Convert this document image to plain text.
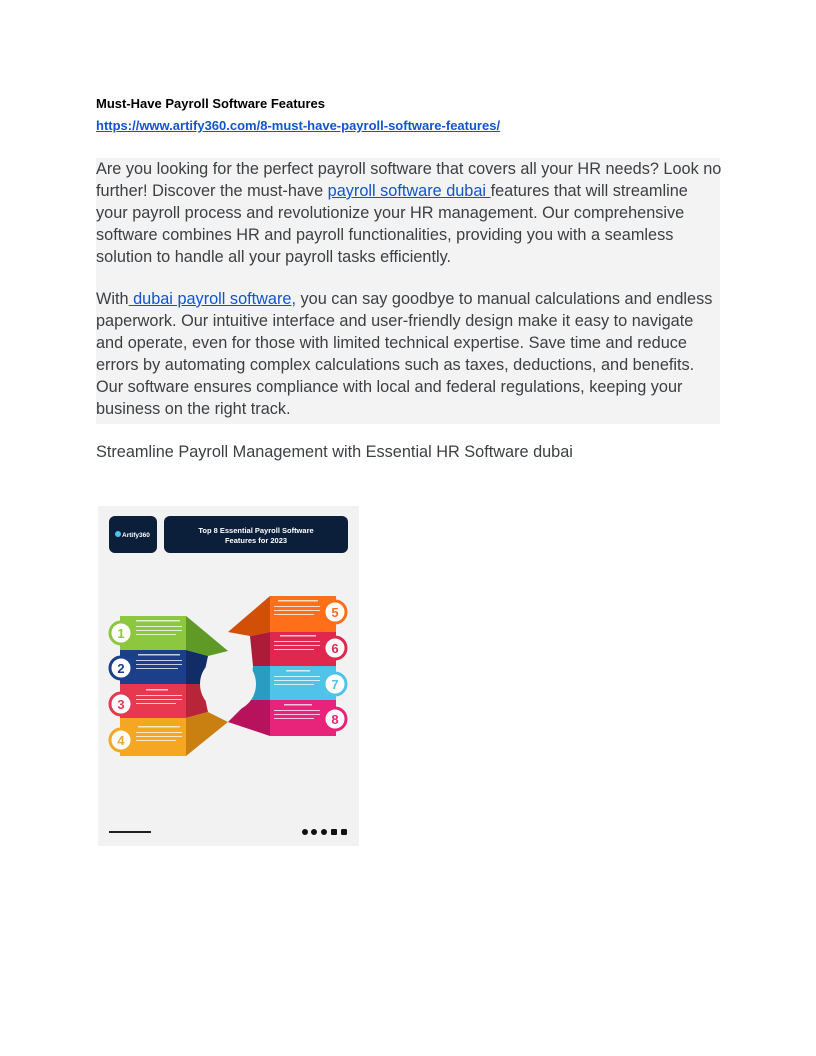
Must-Have Payroll Software Features
https://www.artify360.com/8-must-have-payroll-software-features/

Are you looking for the perfect payroll software that covers all your HR needs? Look no further! Discover the must-have payroll software dubai features that will streamline your payroll process and revolutionize your HR management. Our comprehensive software combines HR and payroll functionalities, providing you with a seamless solution to handle all your payroll tasks efficiently.

With dubai payroll software, you can say goodbye to manual calculations and endless paperwork. Our intuitive interface and user-friendly design make it easy to navigate and operate, even for those with limited technical expertise. Save time and reduce errors by automating complex calculations such as taxes, deductions, and benefits. Our software ensures compliance with local and federal regulations, keeping your business on the right track.

Streamline Payroll Management with Essential HR Software dubai
Artify360
Top 8 Essential Payroll Software
Features for 2023
1
2
3
4
5
6
7
8
